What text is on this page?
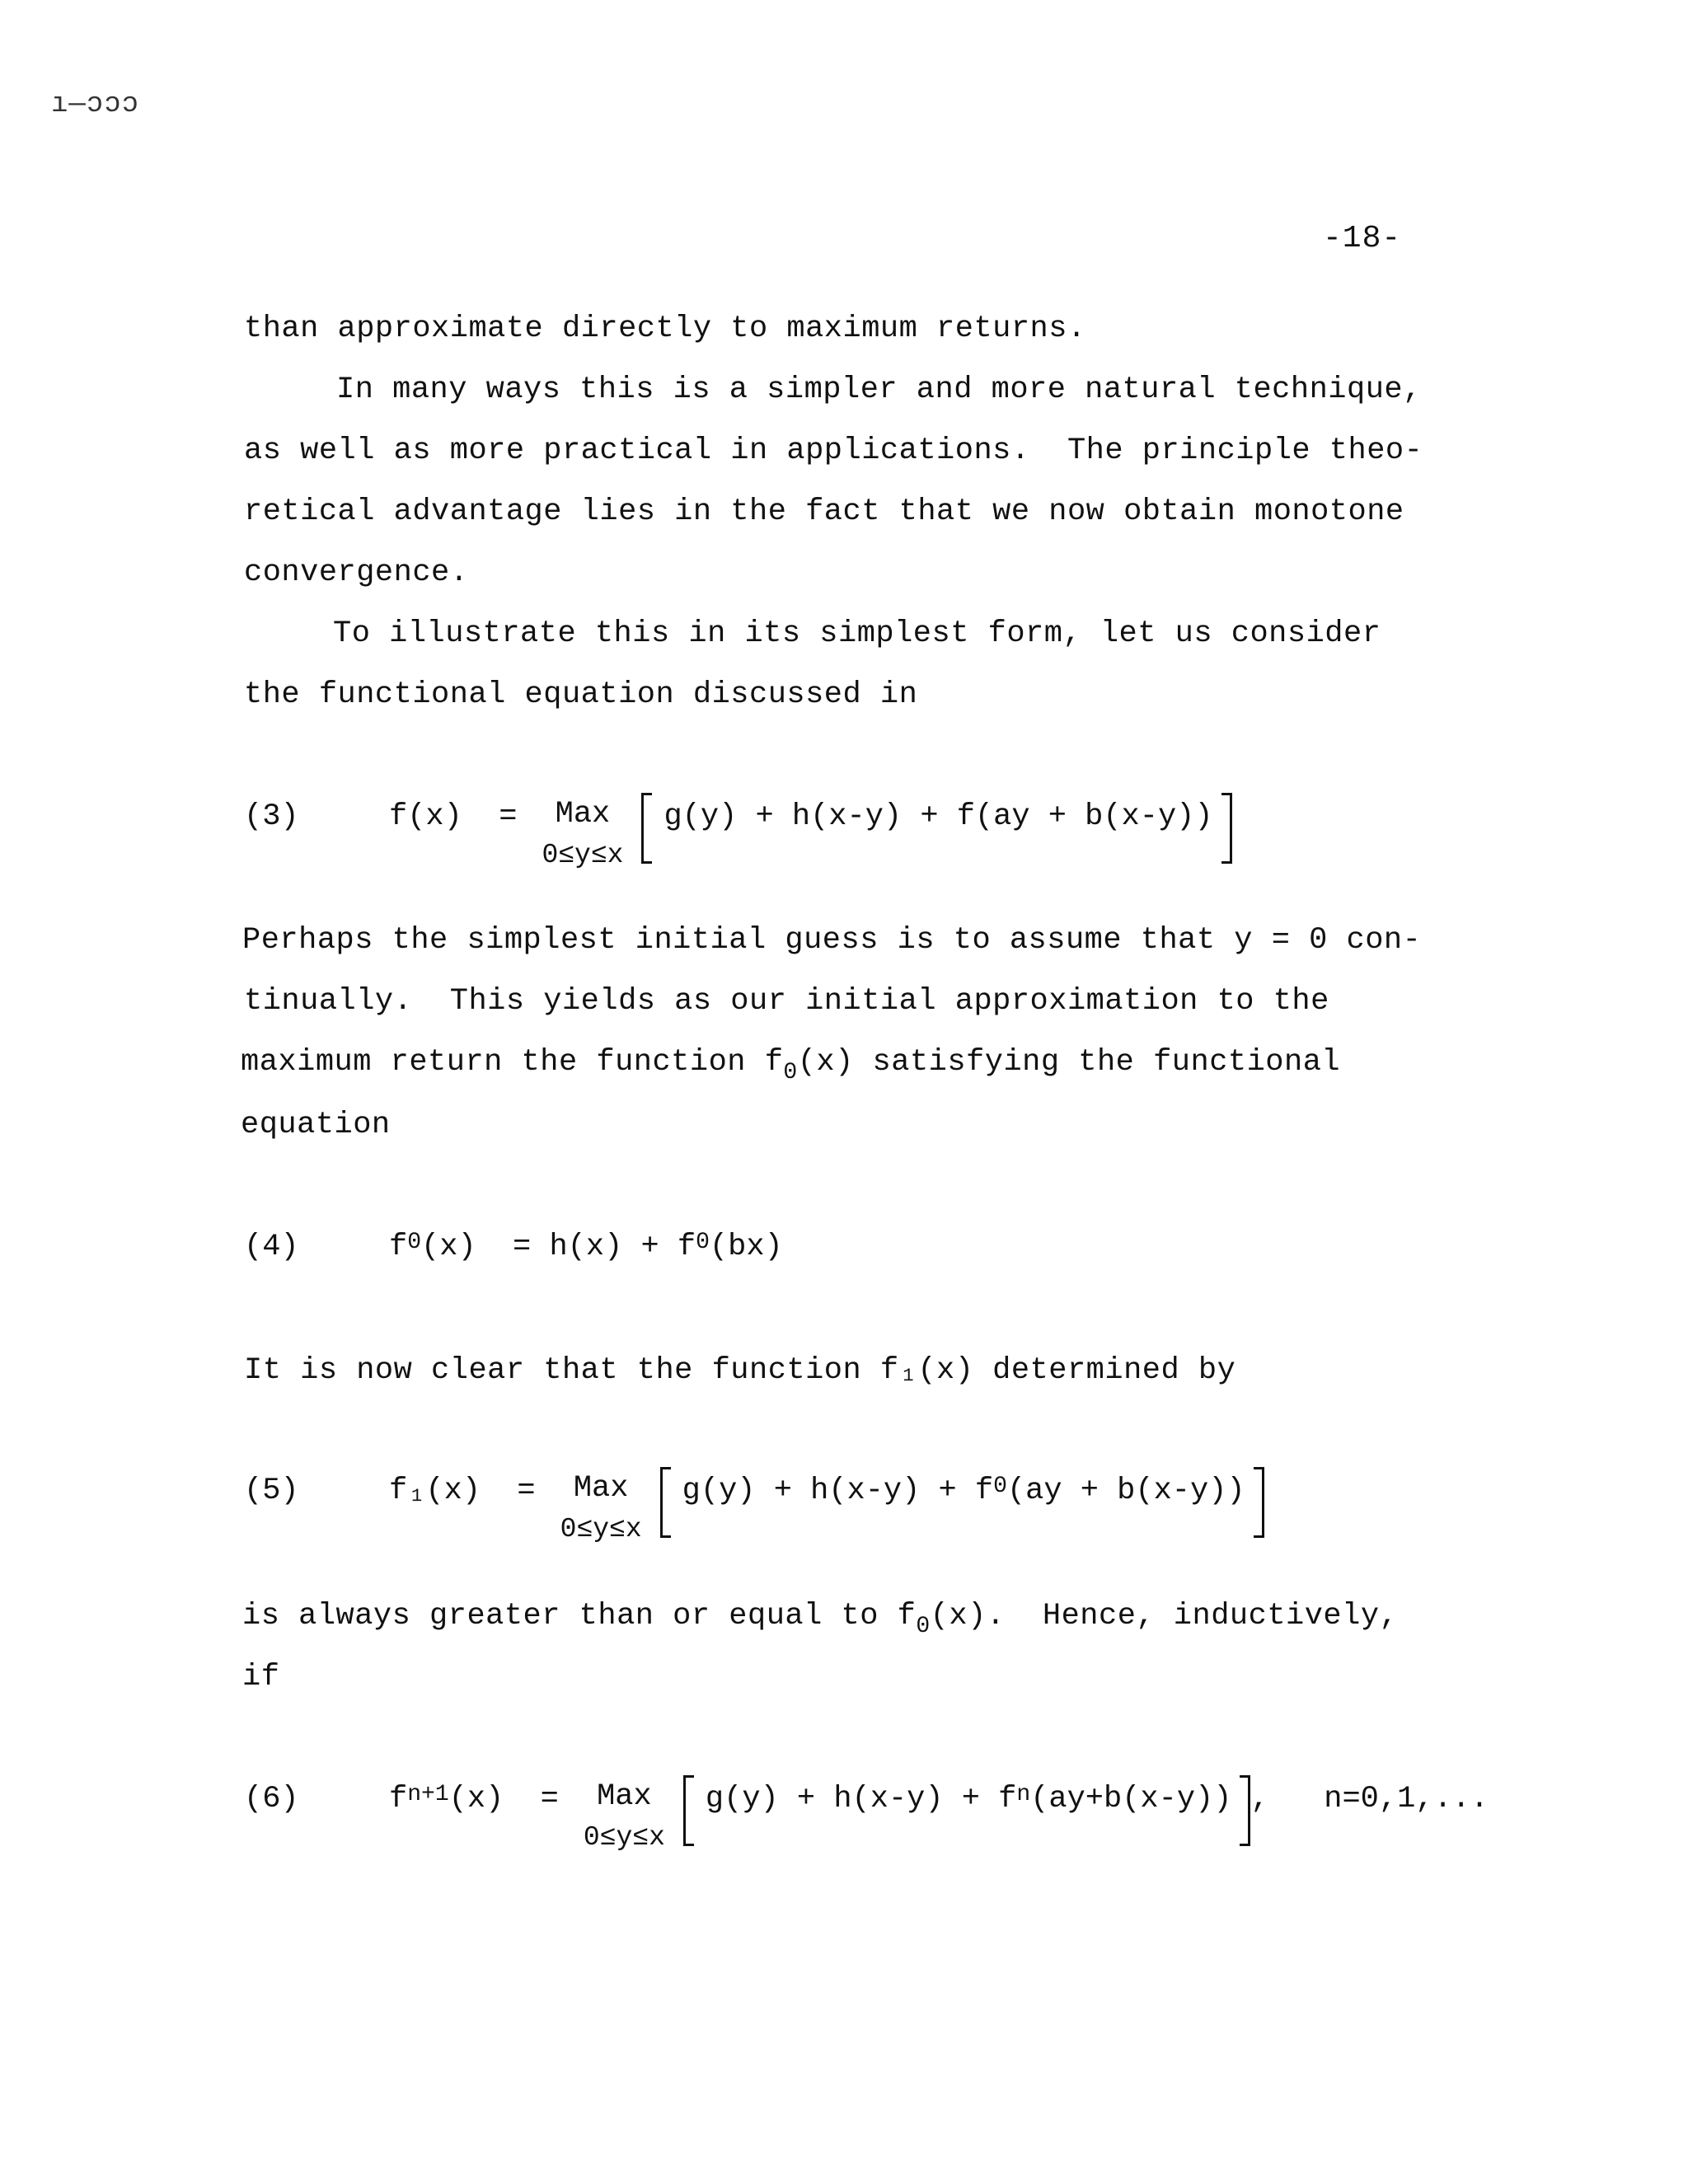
ı—ɔɔɔ
-18-
than approximate directly to maximum returns.
In many ways this is a simpler and more natural technique,
as well as more practical in applications.  The principle theo-
retical advantage lies in the fact that we now obtain monotone
convergence.
To illustrate this in its simplest form, let us consider
the functional equation discussed in
(3)	f(x)  = Max
0≤y≤x
g(y) + h(x-y) + f(ay + b(x-y))
Perhaps the simplest initial guess is to assume that y = 0 con-
tinually.  This yields as our initial approximation to the
maximum return the function $f_0(x)$ satisfying the functional
equation
(4)	f 0 (x)  = h(x) + f 0 (bx)
It is now clear that the function f₁(x) determined by
(5)	f₁(x)  = Max
0≤y≤x
g(y) + h(x-y) + f 0 (ay + b(x-y))
is always greater than or equal to $f_0(x)$.  Hence, inductively,
if
(6)	f n+1 (x)  = Max
0≤y≤x
g(y) + h(x-y) + f n (ay+b(x-y)) ,   n=0,1,...
